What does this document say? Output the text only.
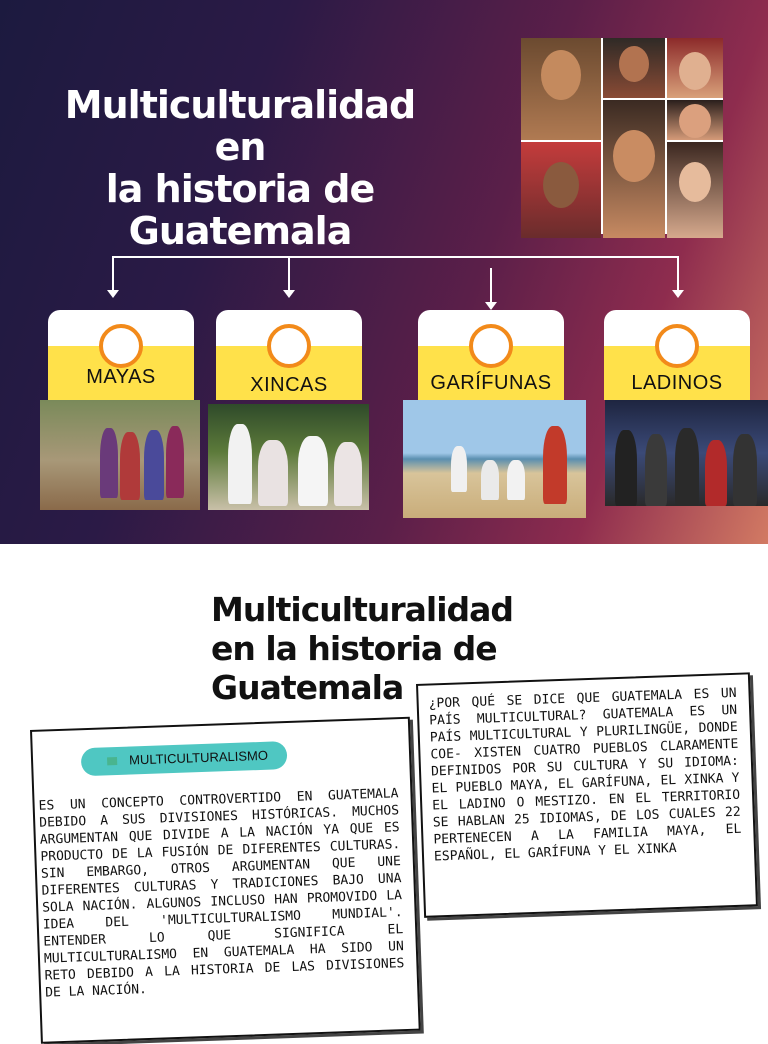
Multiculturalidad en
la historia de
Guatemala
MAYAS	XINCAS	GARÍFUNAS	LADINOS
Multiculturalidad
en la historia de
Guatemala	¿POR QUÉ SE DICE QUE GUATEMALA ES UN PAÍS MULTICULTURAL? GUATEMALA ES UN PAÍS MULTICULTURAL Y PLURILINGÜE, DONDE COE- XISTEN CUATRO PUEBLOS CLARAMENTE DEFINIDOS POR SU CULTURA Y SU IDIOMA: EL PUEBLO MAYA, EL GARÍFUNA, EL XINKA Y EL LADINO O MESTIZO. EN EL TERRITORIO SE HABLAN 25 IDIOMAS, DE LOS CUALES 22 PERTENECEN A LA FAMILIA MAYA, EL ESPAÑOL, EL GARÍFUNA Y EL XINKA
MULTICULTURALISMO
ES UN CONCEPTO CONTROVERTIDO EN GUATEMALA DEBIDO A SUS DIVISIONES HISTÓRICAS. MUCHOS ARGUMENTAN QUE DIVIDE A LA NACIÓN YA QUE ES PRODUCTO DE LA FUSIÓN DE DIFERENTES CULTURAS. SIN EMBARGO, OTROS ARGUMENTAN QUE UNE DIFERENTES CULTURAS Y TRADICIONES BAJO UNA SOLA NACIÓN. ALGUNOS INCLUSO HAN PROMOVIDO LA IDEA DEL 'MULTICULTURALISMO MUNDIAL'. ENTENDER LO QUE SIGNIFICA EL MULTICULTURALISMO EN GUATEMALA HA SIDO UN RETO DEBIDO A LA HISTORIA DE LAS DIVISIONES DE LA NACIÓN.
